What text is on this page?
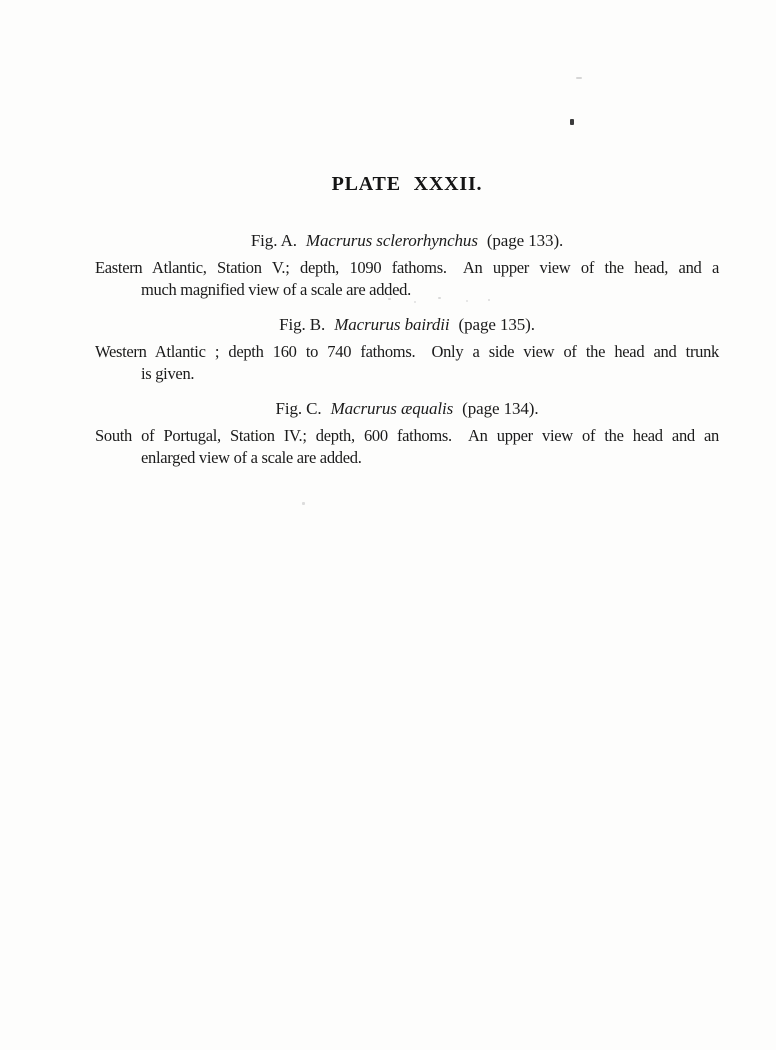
PLATE XXXII.
Fig. A. Macrurus sclerorhynchus (page 133).

Eastern Atlantic, Station V.; depth, 1090 fathoms. An upper view of the head, and a
much magnified view of a scale are added.

Fig. B. Macrurus bairdii (page 135).

Western Atlantic ; depth 160 to 740 fathoms. Only a side view of the head and trunk
is given.

Fig. C. Macrurus æqualis (page 134).

South of Portugal, Station IV.; depth, 600 fathoms. An upper view of the head and an
enlarged view of a scale are added.
